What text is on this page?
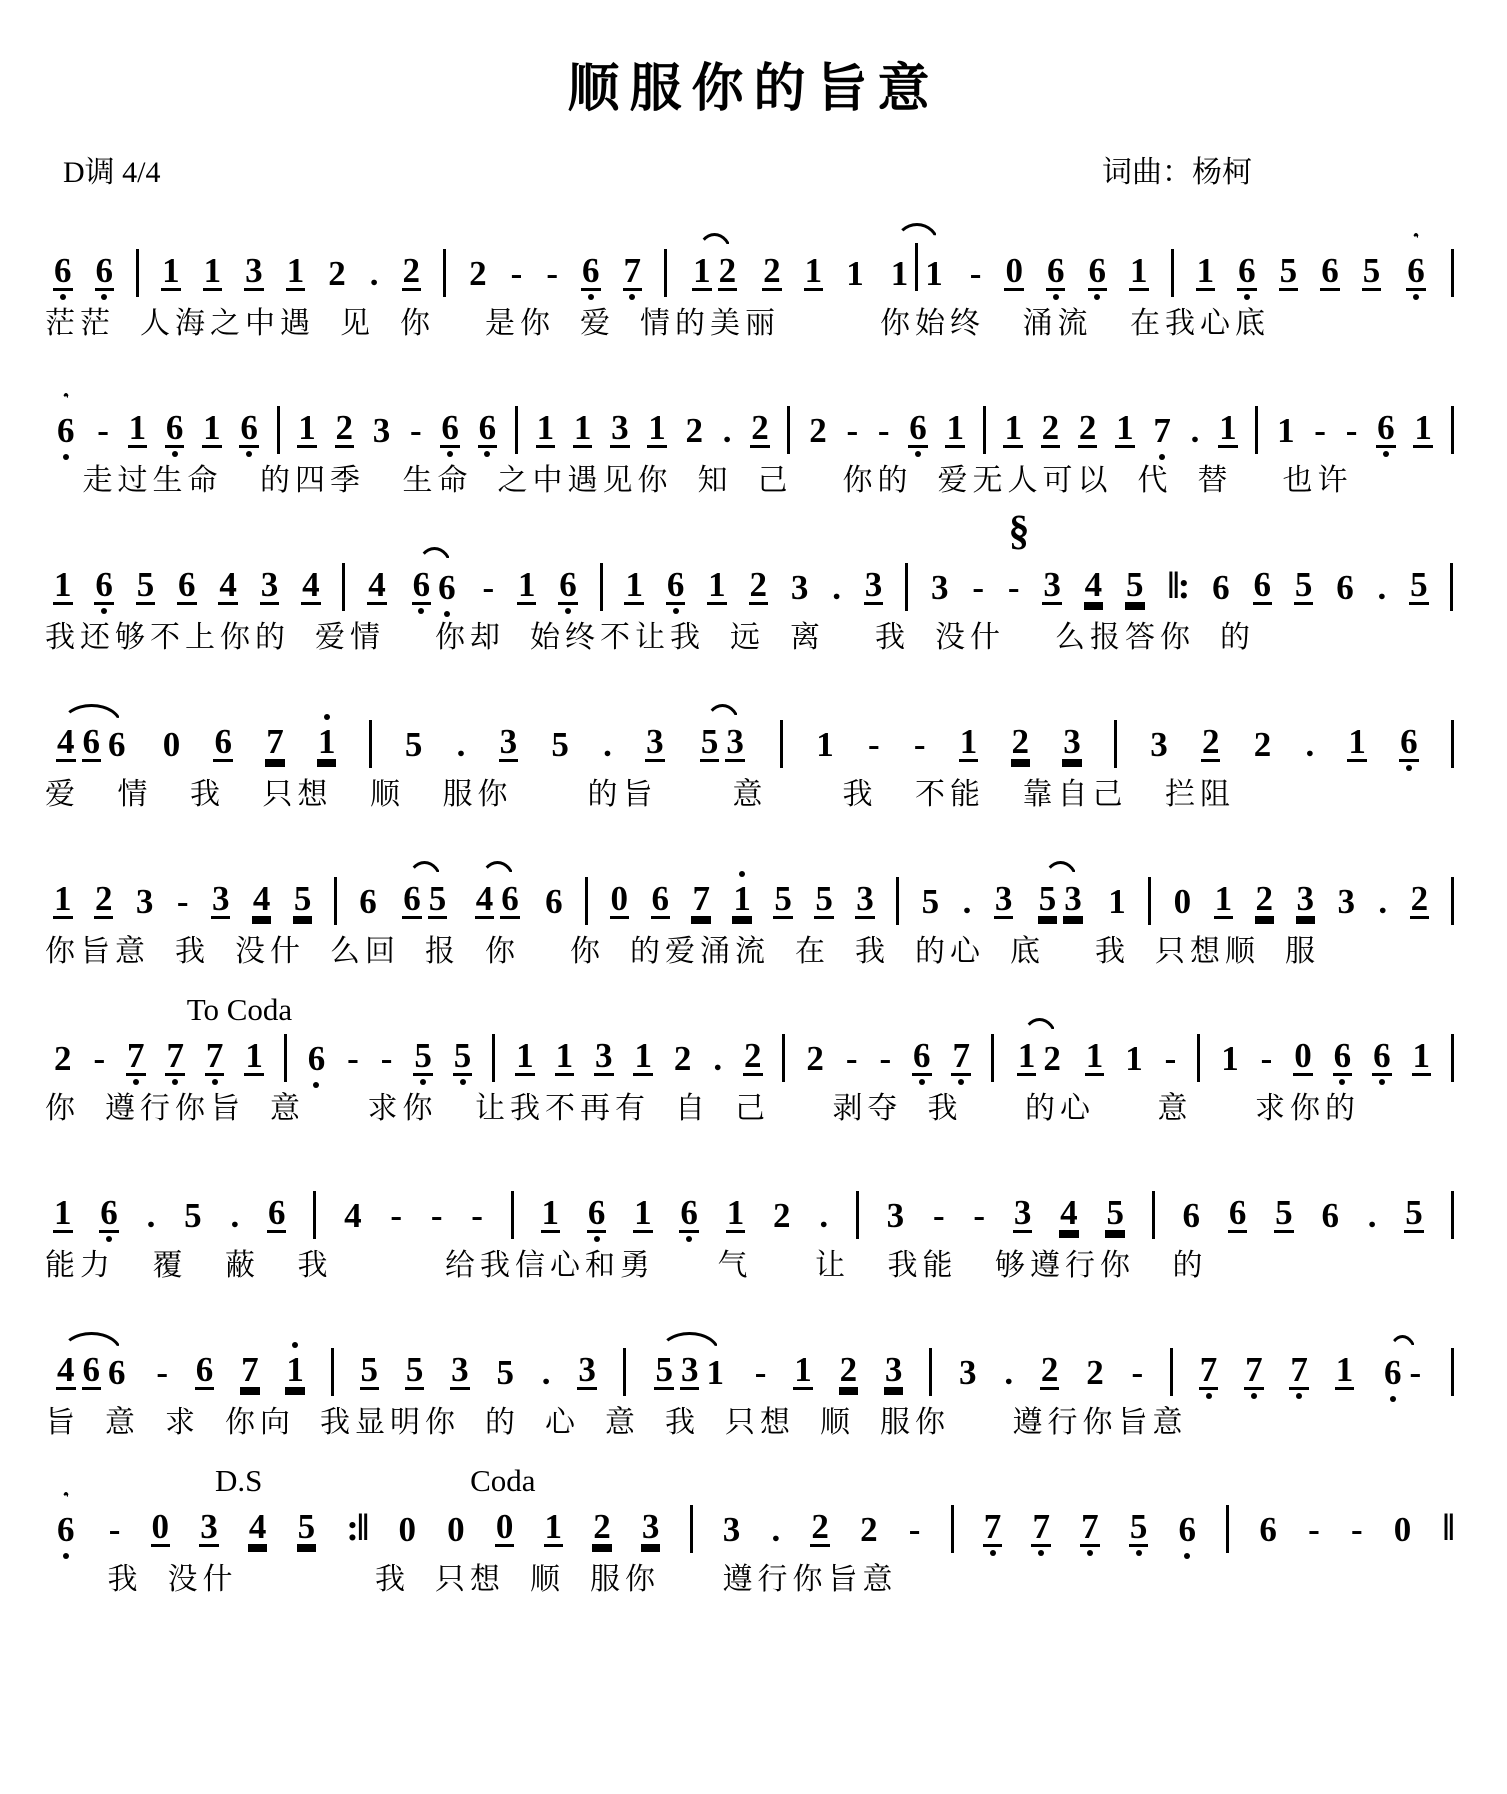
顺服你的旨意
D调 4/4	词曲：杨柯
6 6 1 1 3 1 2 . 2 2 - - 6 7 1 2 2 1 1 1 1 - 0 6 6 1 1 6 5 6 5 6
茫茫  人海之中遇  见  你    是你  爱  情的美丽        你始终   涌流   在我心底
6 - 1 6 1 6 1 2 3 - 6 6 1 1 3 1 2 . 2 2 - - 6 1 1 2 2 1 7 . 1 1 - - 6 1
走过生命   的四季   生命  之中遇见你  知  己    你的  爱无人可以  代  替    也许
§
1 6 5 6 4 3 4 4 6 6 - 1 6 1 6 1 2 3 . 3 3 - - 3 4 5 ‖: 6 6 5 6 . 5
我还够不上你的  爱情    你却  始终不让我  远  离    我  没什    么报答你  的
4 6 6 0 6 7 1 5 . 3 5 . 3 5 3 1 - - 1 2 3 3 2 2 . 1 6
爱   情   我   只想   顺   服你      的旨      意      我   不能   靠自己   拦阻
1 2 3 - 3 4 5 6 6 5 4 6 6 0 6 7 1 5 5 3 5 . 3 5 3 1 0 1 2 3 3 . 2
你旨意  我  没什  么回  报  你    你  的爱涌流  在  我  的心  底    我  只想顺  服
To Coda
2 - 7 7 7 1 6 - - 5 5 1 1 3 1 2 . 2 2 - - 6 7 1 2 1 1 - 1 - 0 6 6 1
你  遵行你旨  意     求你   让我不再有  自  己     剥夺  我     的心     意     求你的
1 6 . 5 . 6 4 - - - 1 6 1 6 1 2 . 3 - - 3 4 5 6 6 5 6 . 5
能力   覆   蔽   我         给我信心和勇     气     让   我能   够遵行你   的
4 6 6 - 6 7 1 5 5 3 5 . 3 5 3 1 - 1 2 3 3 . 2 2 - 7 7 7 1 6 -
旨  意  求  你向  我显明你  的  心  意  我  只想  顺  服你     遵行你旨意
D.S	Coda
6 - 0 3 4 5 :‖ 0 0 0 1 2 3 3 . 2 2 - 7 7 7 5 6 6 - - 0 ‖
我  没什           我  只想  顺  服你     遵行你旨意
